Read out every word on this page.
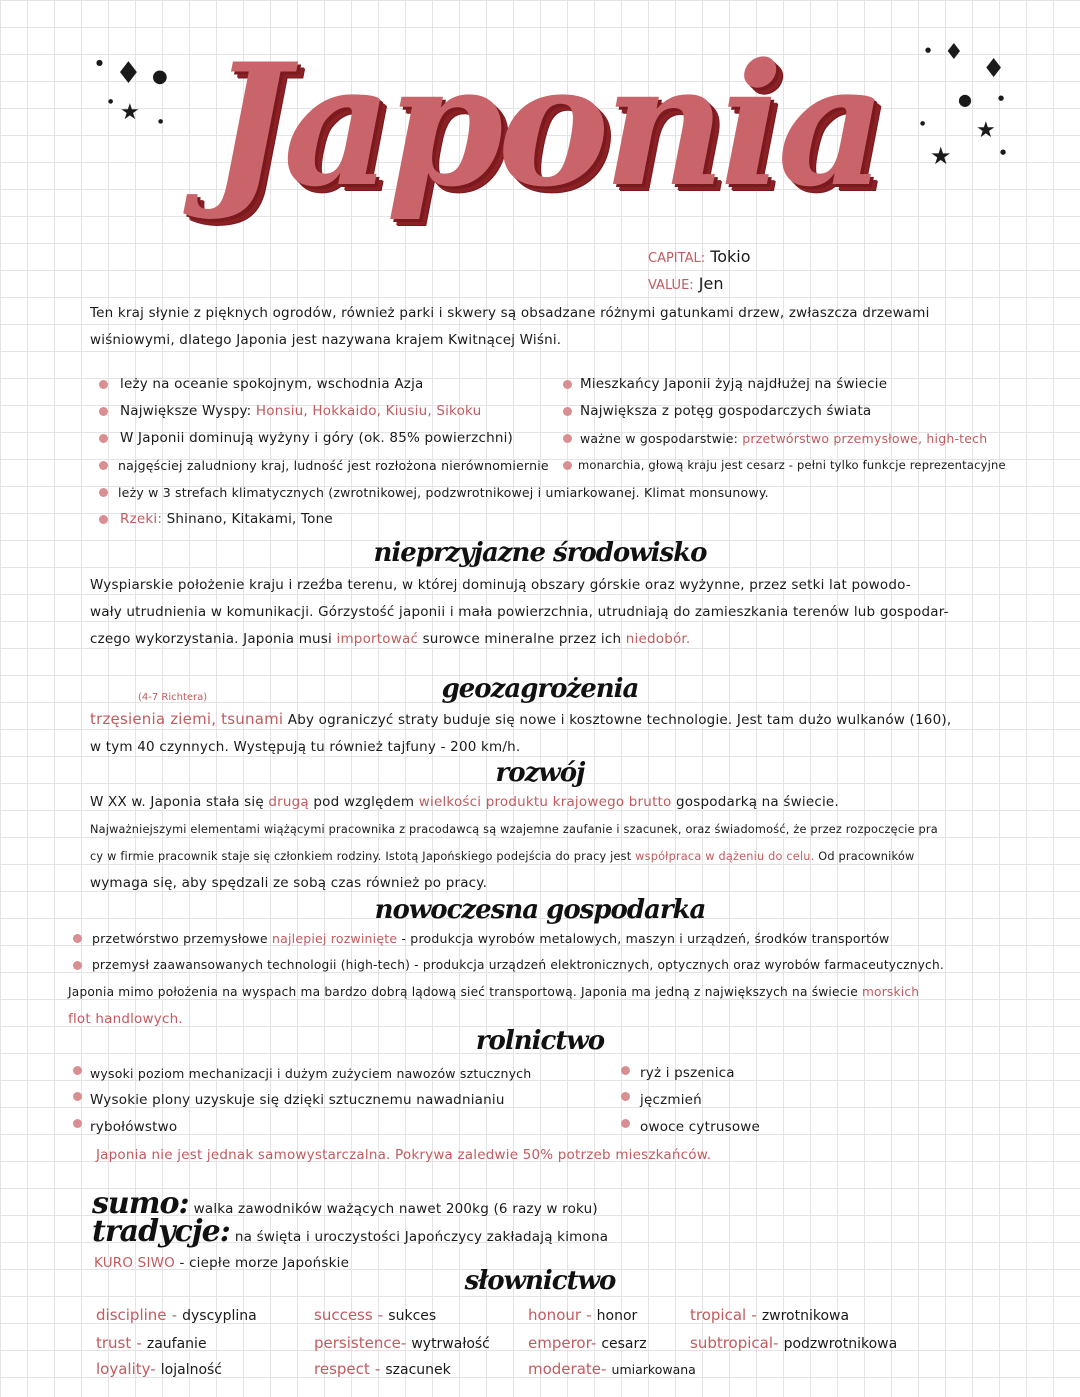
Japonia
♦
★
●
●
●
●
♦
♦
●
★
★
●
●
●
●
CAPITAL: Tokio
VALUE: Jen
Ten kraj słynie z pięknych ogrodów, również parki i skwery są obsadzane różnymi gatunkami drzew, zwłaszcza drzewami
wiśniowymi, dlatego Japonia jest nazywana krajem Kwitnącej Wiśni.
leży na oceanie spokojnym, wschodnia Azja
Największe Wyspy: Honsiu, Hokkaido, Kiusiu, Sikoku
W Japonii dominują wyżyny i góry (ok. 85% powierzchni)
najgęściej zaludniony kraj, ludność jest rozłożona nierównomiernie
leży w 3 strefach klimatycznych (zwrotnikowej, podzwrotnikowej i umiarkowanej. Klimat monsunowy.
Rzeki: Shinano, Kitakami, Tone
Mieszkańcy Japonii żyją najdłużej na świecie
Największa z potęg gospodarczych świata
ważne w gospodarstwie: przetwórstwo przemysłowe, high-tech
monarchia, głową kraju jest cesarz - pełni tylko funkcje reprezentacyjne
nieprzyjazne środowisko
Wyspiarskie położenie kraju i rzeźba terenu, w której dominują obszary górskie oraz wyżynne, przez setki lat powodo-
wały utrudnienia w komunikacji. Górzystość japonii i mała powierzchnia, utrudniają do zamieszkania terenów lub gospodar-
czego wykorzystania. Japonia musi importować surowce mineralne przez ich niedobór.
geozagrożenia
(4-7 Richtera)
trzęsienia ziemi, tsunami Aby ograniczyć straty buduje się nowe i kosztowne technologie. Jest tam dużo wulkanów (160),
w tym 40 czynnych. Występują tu również tajfuny - 200 km/h.
rozwój
W XX w. Japonia stała się drugą pod względem wielkości produktu krajowego brutto gospodarką na świecie.
Najważniejszymi elementami wiążącymi pracownika z pracodawcą są wzajemne zaufanie i szacunek, oraz świadomość, że przez rozpoczęcie pra
cy w firmie pracownik staje się członkiem rodziny. Istotą Japońskiego podejścia do pracy jest współpraca w dążeniu do celu. Od pracowników
wymaga się, aby spędzali ze sobą czas również po pracy.
nowoczesna gospodarka
przetwórstwo przemysłowe najlepiej rozwinięte - produkcja wyrobów metalowych, maszyn i urządzeń, środków transportów
przemysł zaawansowanych technologii (high-tech) - produkcja urządzeń elektronicznych, optycznych oraz wyrobów farmaceutycznych.
Japonia mimo położenia na wyspach ma bardzo dobrą lądową sieć transportową. Japonia ma jedną z największych na świecie morskich
flot handlowych.
rolnictwo
wysoki poziom mechanizacji i dużym zużyciem nawozów sztucznych
Wysokie plony uzyskuje się dzięki sztucznemu nawadnianiu
rybołówstwo
ryż i pszenica
jęczmień
owoce cytrusowe
Japonia nie jest jednak samowystarczalna. Pokrywa zaledwie 50% potrzeb mieszkańców.
sumo: walka zawodników ważących nawet 200kg (6 razy w roku)
tradycje: na święta i uroczystości Japończycy zakładają kimona
KURO SIWO - ciepłe morze Japońskie
słownictwo
discipline - dyscyplina
trust - zaufanie
loyality- lojalność
success - sukces
persistence- wytrwałość
respect - szacunek
honour - honor
emperor- cesarz
moderate- umiarkowana
tropical - zwrotnikowa
subtropical- podzwrotnikowa
